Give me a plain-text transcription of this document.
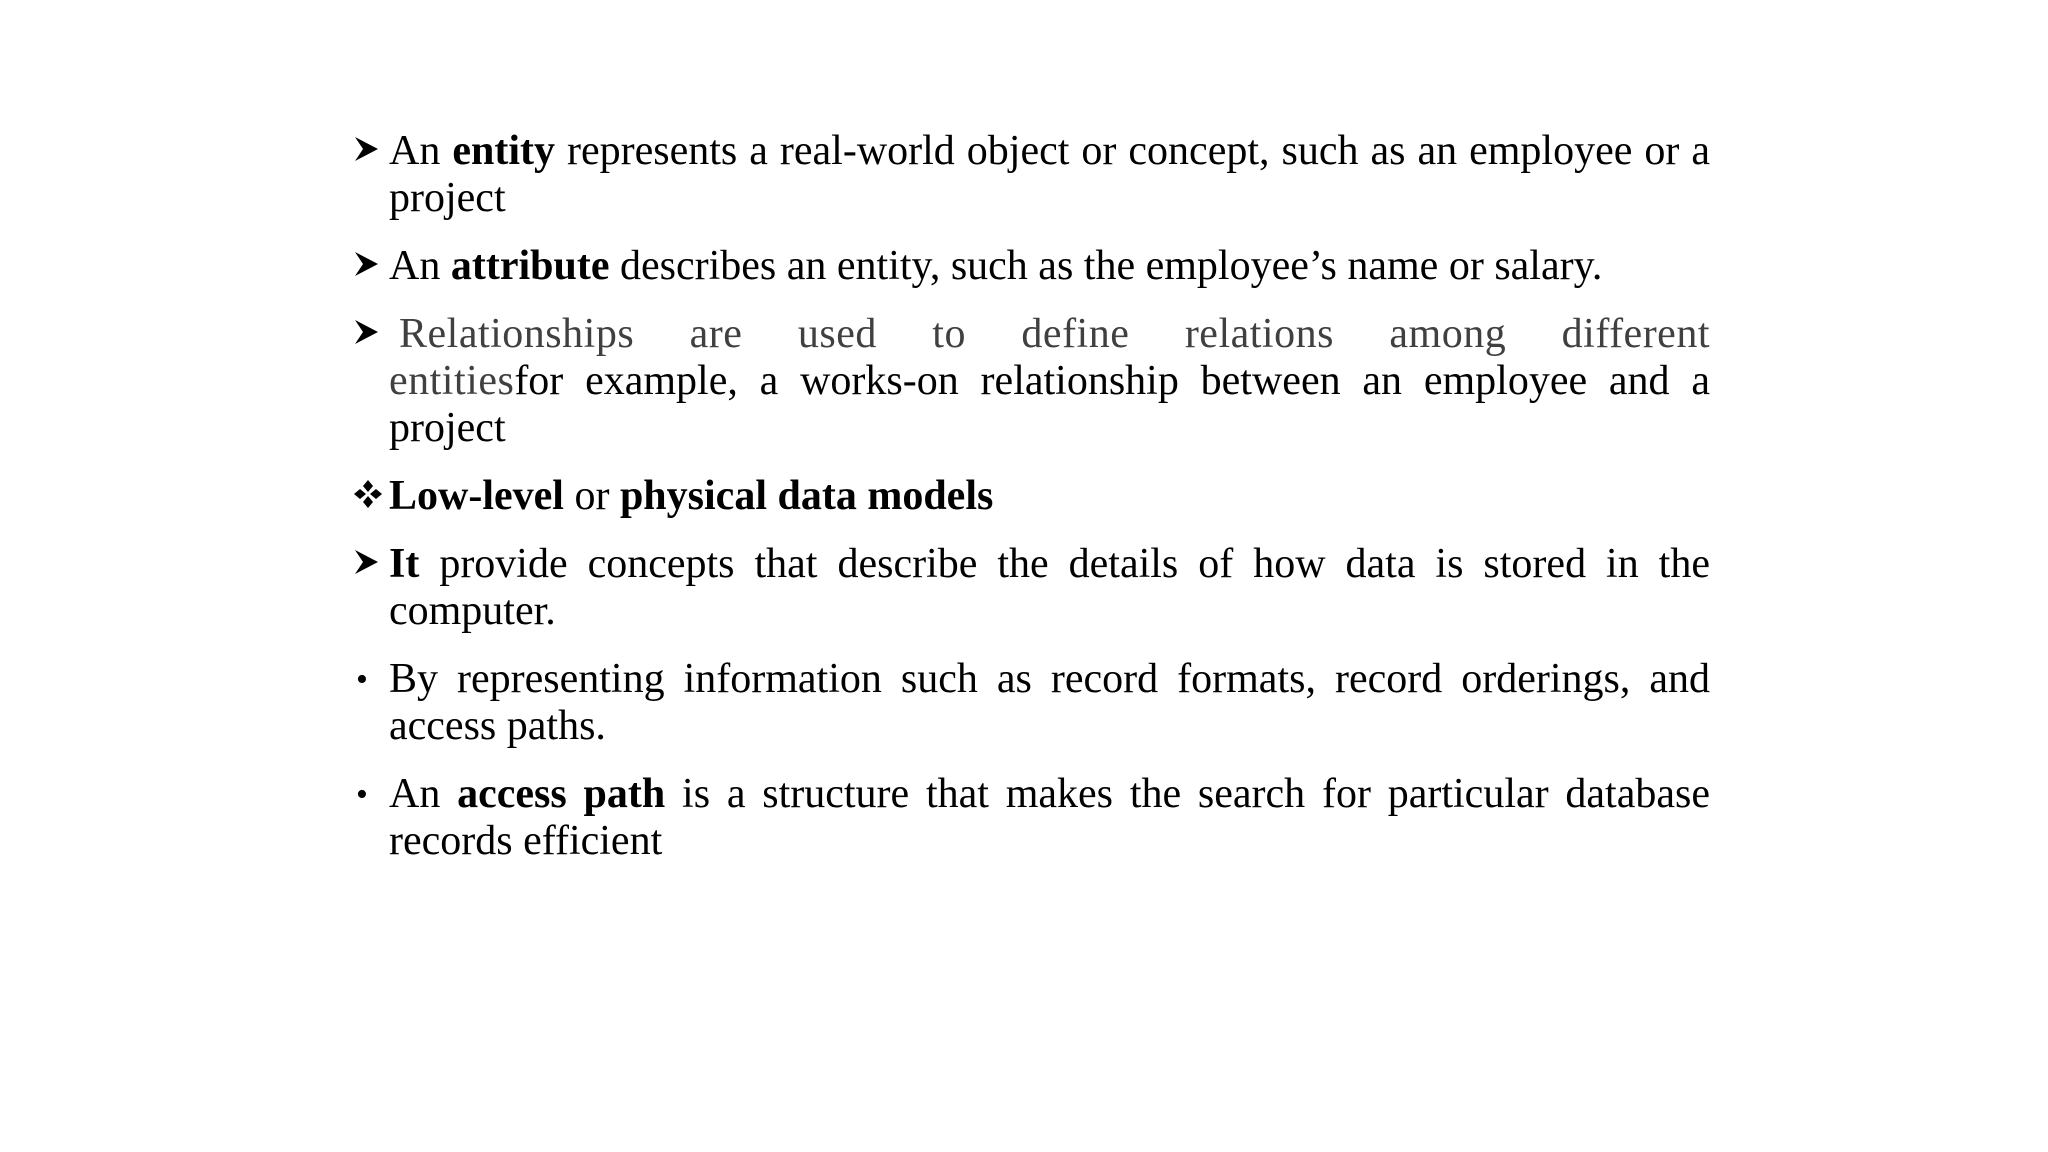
An entity represents a real-world object or concept, such as an employee or a project
An attribute describes an entity, such as the employee’s name or salary.
Relationships are used to define relations among different entitiesfor example, a works-on relationship between an employee and a project
Low-level or physical data models
It provide concepts that describe the details of how data is stored in the computer.
• By representing information such as record formats, record orderings, and access paths.
• An access path is a structure that makes the search for particular database records efficient
